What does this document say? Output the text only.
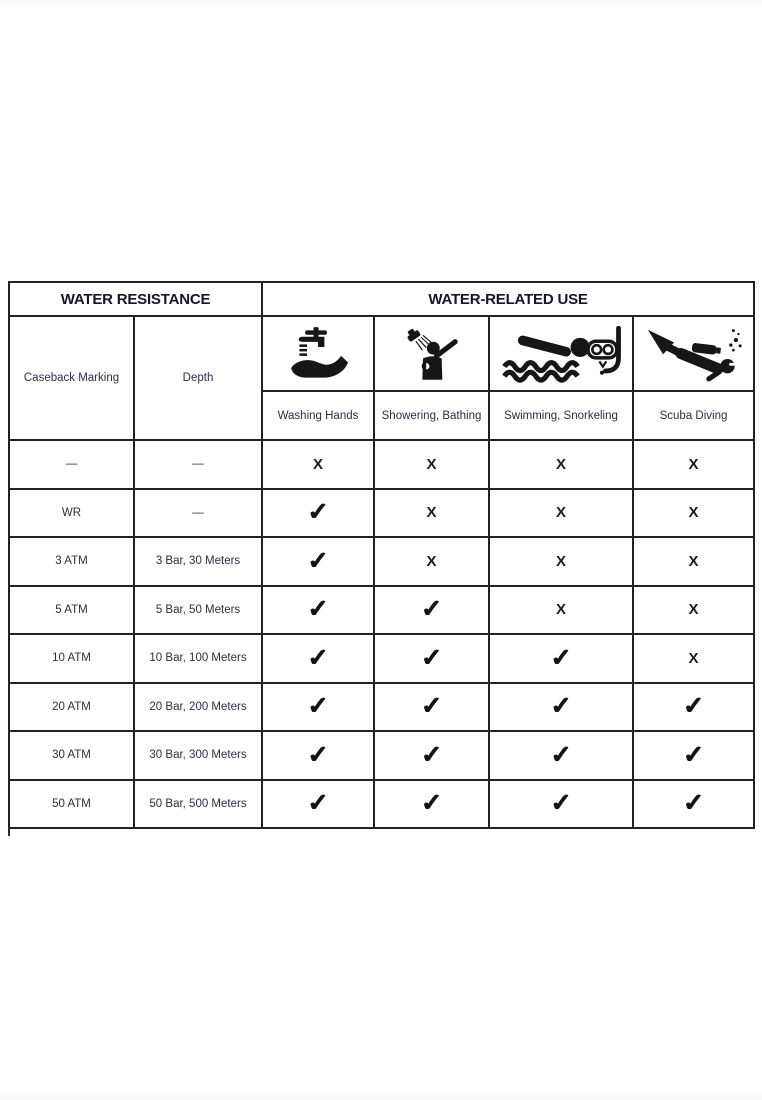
WATER RESISTANCE		WATER-RELATED USE			
Caseback Marking	Depth	

		Washing Hands	Showering, Bathing	Swimming, Snorkeling	Scuba Diving
—	—	X	X	X	X
WR	—	✓	X	X	X
3 ATM	3 Bar, 30 Meters	✓	X	X	X
5 ATM	5 Bar, 50 Meters	✓	✓	X	X
10 ATM	10 Bar, 100 Meters	✓	✓	✓	X
20 ATM	20 Bar, 200 Meters	✓	✓	✓	✓
30 ATM	30 Bar, 300 Meters	✓	✓	✓	✓
50 ATM	50 Bar, 500 Meters	✓	✓	✓	✓
